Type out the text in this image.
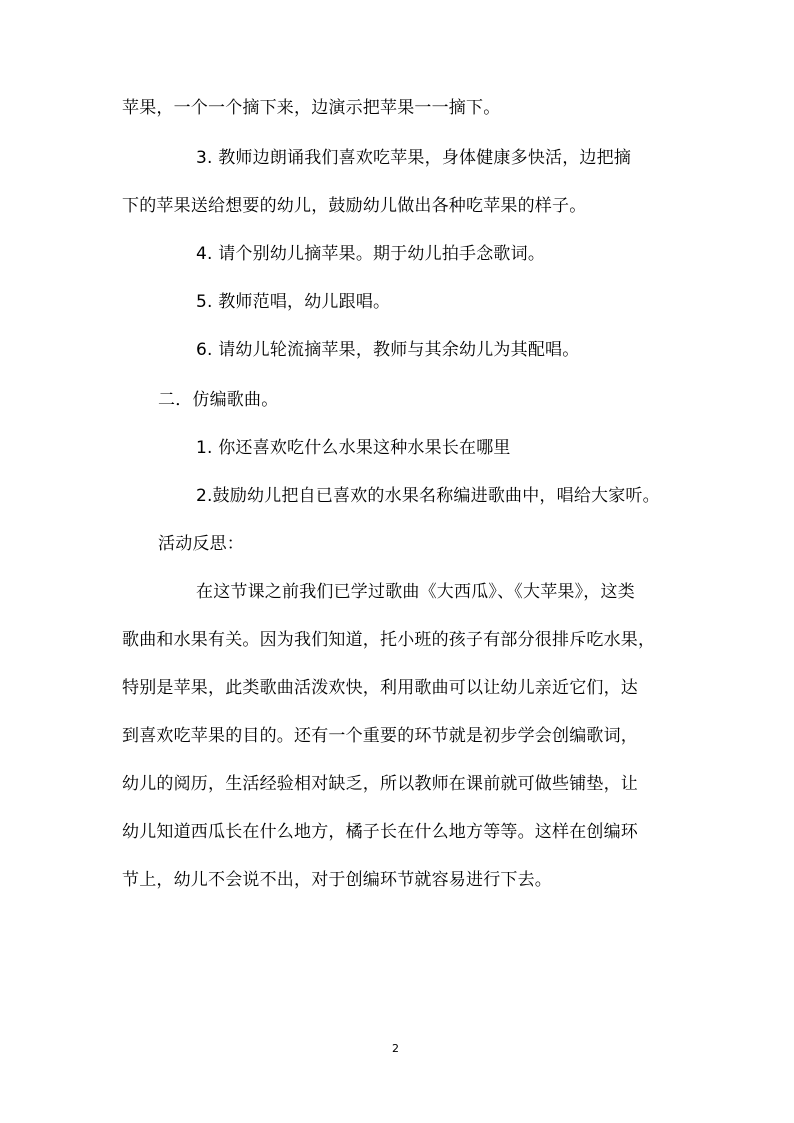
苹果，一个一个摘下来，边演示把苹果一一摘下。
3. 教师边朗诵我们喜欢吃苹果，身体健康多快活，边把摘
下的苹果送给想要的幼儿，鼓励幼儿做出各种吃苹果的样子。
4. 请个别幼儿摘苹果。期于幼儿拍手念歌词。
5. 教师范唱，幼儿跟唱。
6. 请幼儿轮流摘苹果，教师与其余幼儿为其配唱。
二．仿编歌曲。
1. 你还喜欢吃什么水果这种水果长在哪里
2.鼓励幼儿把自已喜欢的水果名称编进歌曲中，唱给大家听。
活动反思：
在这节课之前我们已学过歌曲《大西瓜》、《大苹果》，这类
歌曲和水果有关。因为我们知道，托小班的孩子有部分很排斥吃水果，
特别是苹果，此类歌曲活泼欢快，利用歌曲可以让幼儿亲近它们，达
到喜欢吃苹果的目的。还有一个重要的环节就是初步学会创编歌词，
幼儿的阅历，生活经验相对缺乏，所以教师在课前就可做些铺垫，让
幼儿知道西瓜长在什么地方，橘子长在什么地方等等。这样在创编环
节上，幼儿不会说不出，对于创编环节就容易进行下去。
2
